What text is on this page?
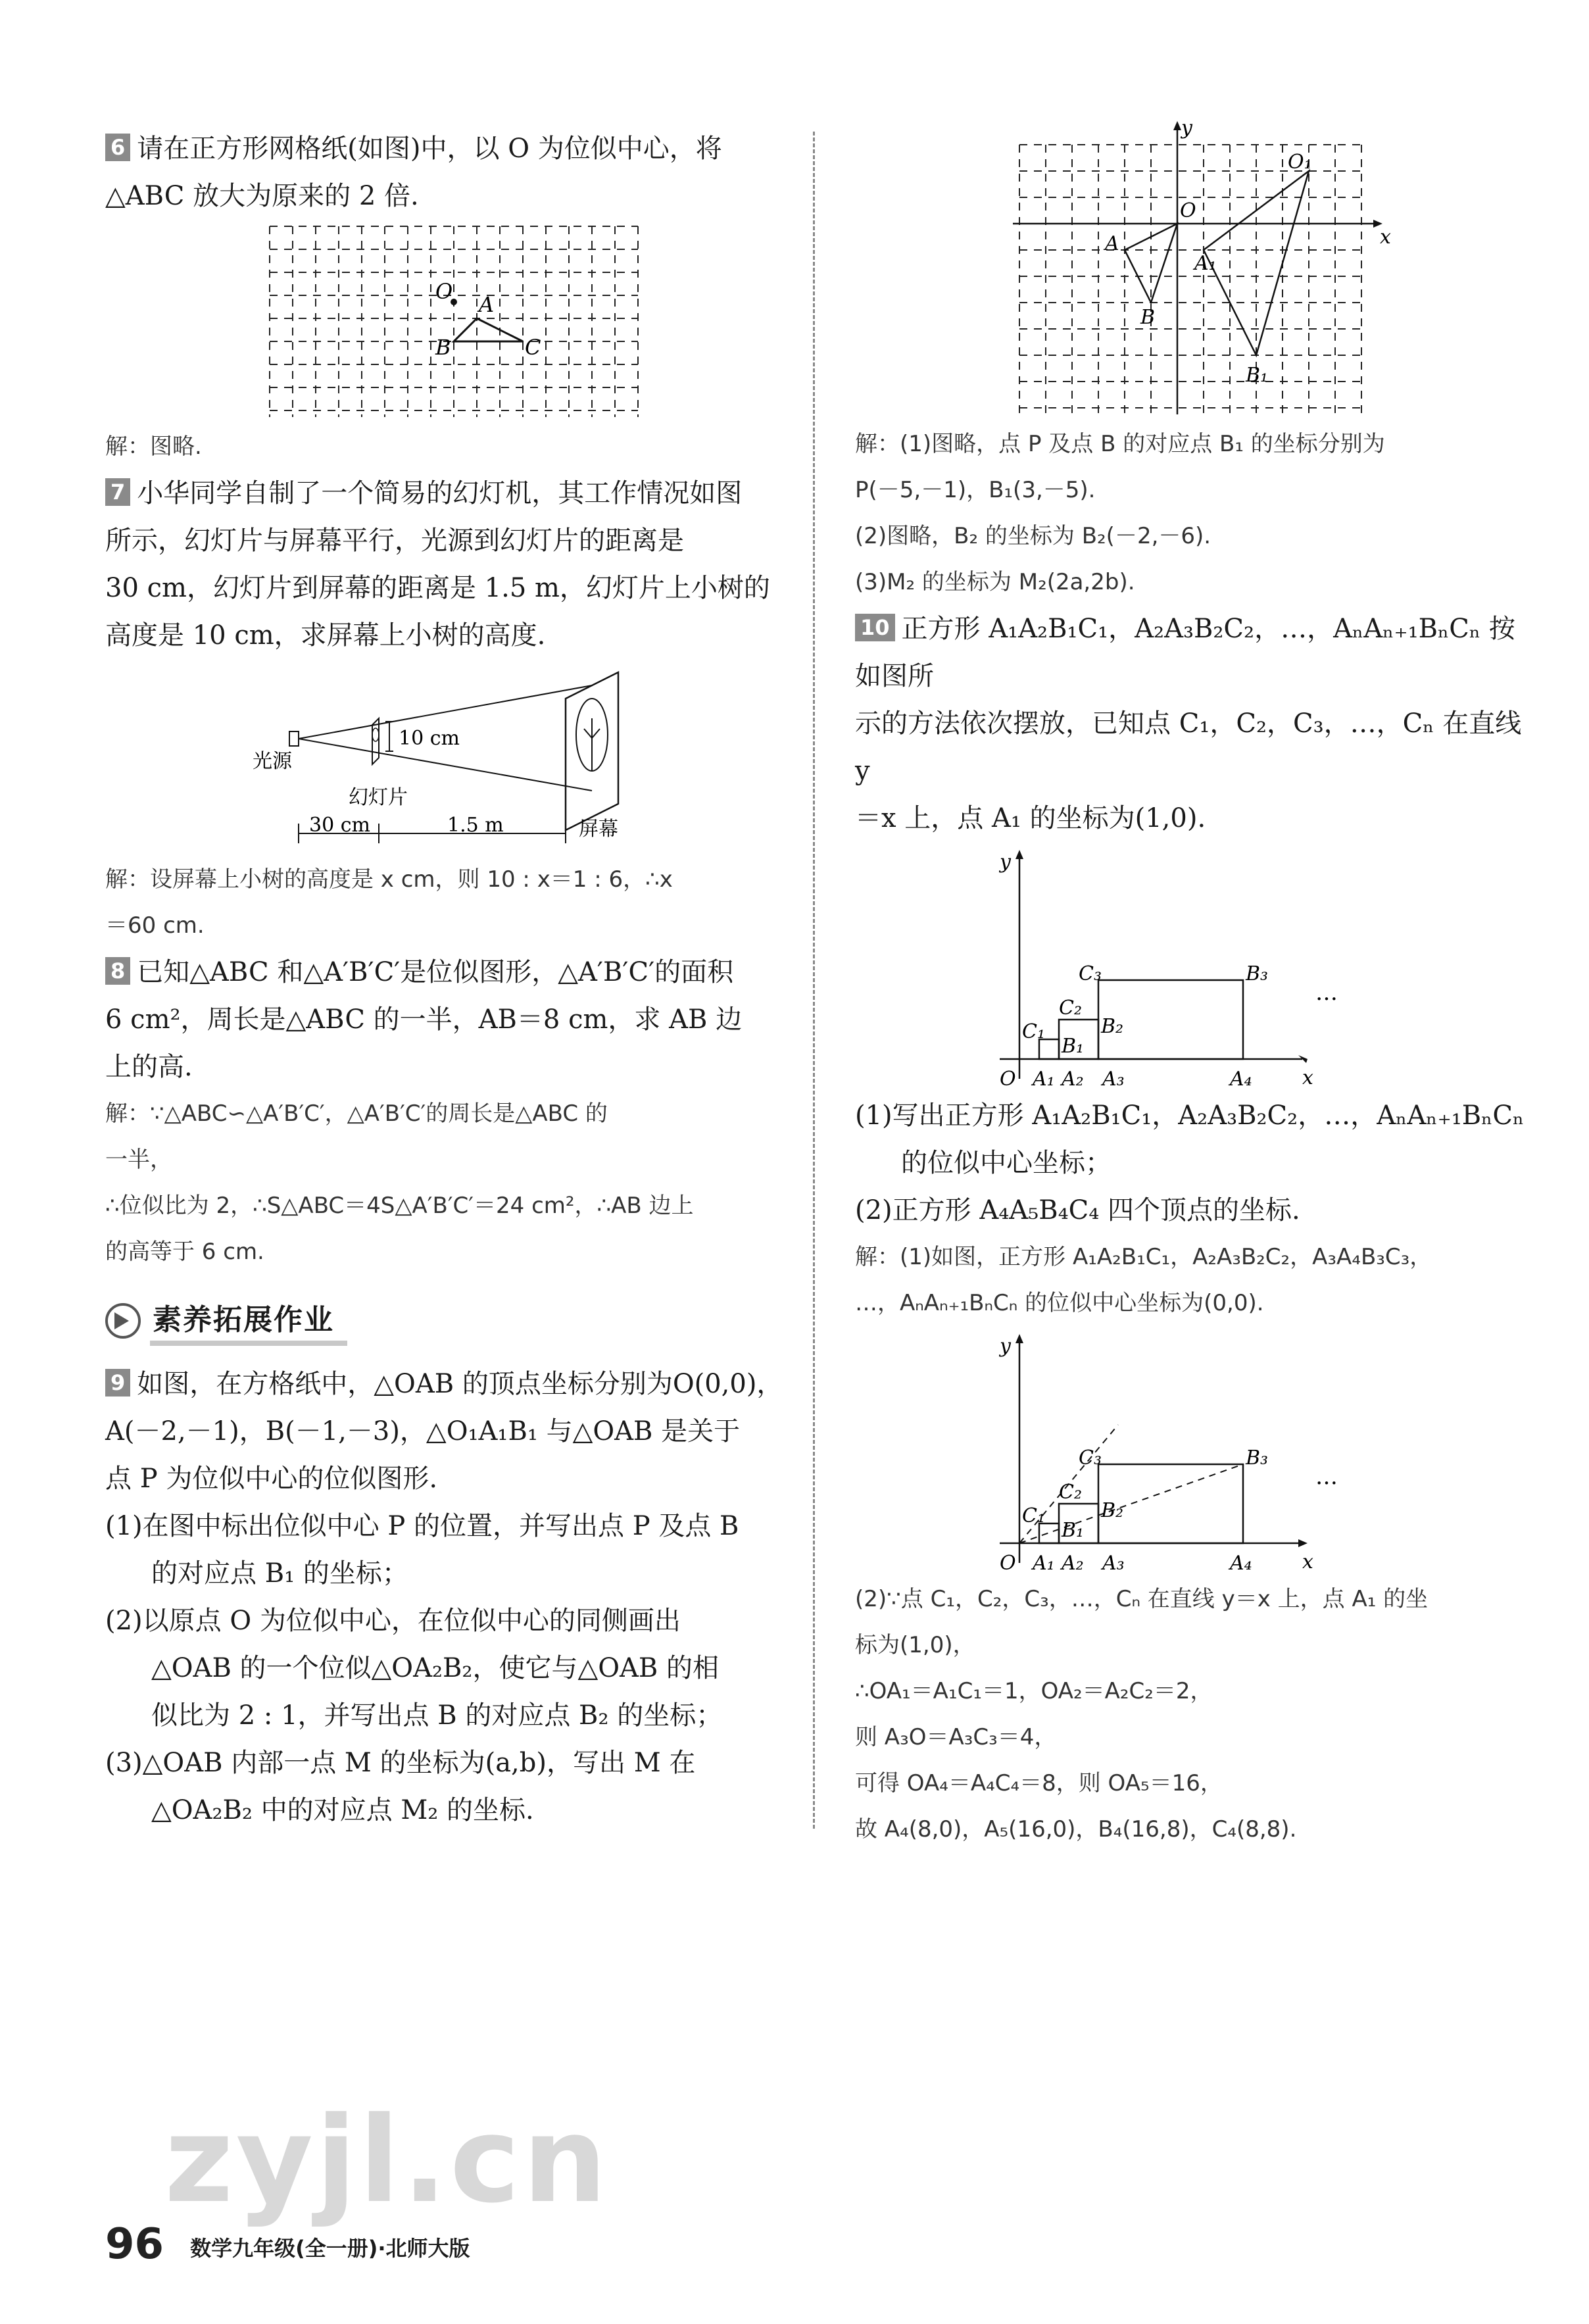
6 请在正方形网格纸(如图)中，以 O 为位似中心，将
△ABC 放大为原来的 2 倍.
O
A
B	C
解：图略.
7 小华同学自制了一个简易的幻灯机，其工作情况如图
所示，幻灯片与屏幕平行，光源到幻灯片的距离是
30 cm，幻灯片到屏幕的距离是 1.5 m，幻灯片上小树的
高度是 10 cm，求屏幕上小树的高度.
光源
幻灯片
10 cm
30 cm	1.5 m	屏幕
解：设屏幕上小树的高度是 x cm，则 10 : x＝1 : 6，∴x
＝60 cm.
8 已知△ABC 和△A′B′C′是位似图形，△A′B′C′的面积
6 cm²，周长是△ABC 的一半，AB＝8 cm，求 AB 边
上的高.
解：∵△ABC∽△A′B′C′，△A′B′C′的周长是△ABC 的
一半，
∴位似比为 2，∴S△ABC＝4S△A′B′C′＝24 cm²，∴AB 边上
的高等于 6 cm.
素养拓展作业
9 如图，在方格纸中，△OAB 的顶点坐标分别为O(0,0)，
A(－2,－1)，B(－1,－3)，△O₁A₁B₁ 与△OAB 是关于
点 P 为位似中心的位似图形.
(1)在图中标出位似中心 P 的位置，并写出点 P 及点 B
的对应点 B₁ 的坐标；
(2)以原点 O 为位似中心，在位似中心的同侧画出
△OAB 的一个位似△OA₂B₂，使它与△OAB 的相
似比为 2 : 1，并写出点 B 的对应点 B₂ 的坐标；
(3)△OAB 内部一点 M 的坐标为(a,b)，写出 M 在
△OA₂B₂ 中的对应点 M₂ 的坐标.
O
O₁
A
A₁
B
B₁
x
y
解：(1)图略，点 P 及点 B 的对应点 B₁ 的坐标分别为
P(－5,－1)，B₁(3,－5).
(2)图略，B₂ 的坐标为 B₂(－2,－6).
(3)M₂ 的坐标为 M₂(2a,2b).
10 正方形 A₁A₂B₁C₁，A₂A₃B₂C₂，…，AₙAₙ₊₁BₙCₙ 按如图所
示的方法依次摆放，已知点 C₁，C₂，C₃，…，Cₙ 在直线 y
＝x 上，点 A₁ 的坐标为(1,0).
y
x
O A₁ A₂ A₃	A₄
C₁
B₁
C₂
B₂
C₃	B₃
…
(1)写出正方形 A₁A₂B₁C₁，A₂A₃B₂C₂，…，AₙAₙ₊₁BₙCₙ
的位似中心坐标；
(2)正方形 A₄A₅B₄C₄ 四个顶点的坐标.
解：(1)如图，正方形 A₁A₂B₁C₁，A₂A₃B₂C₂，A₃A₄B₃C₃，
…，AₙAₙ₊₁BₙCₙ 的位似中心坐标为(0,0).
y
x
O A₁ A₂ A₃	A₄
C₁
B₁
C₂
B₂
C₃	B₃
…
(2)∵点 C₁，C₂，C₃，…，Cₙ 在直线 y＝x 上，点 A₁ 的坐
标为(1,0)，
∴OA₁＝A₁C₁＝1，OA₂＝A₂C₂＝2，
则 A₃O＝A₃C₃＝4，
可得 OA₄＝A₄C₄＝8，则 OA₅＝16，
故 A₄(8,0)，A₅(16,0)，B₄(16,8)，C₄(8,8).
zyjl.cn
96 数学九年级(全一册)·北师大版
